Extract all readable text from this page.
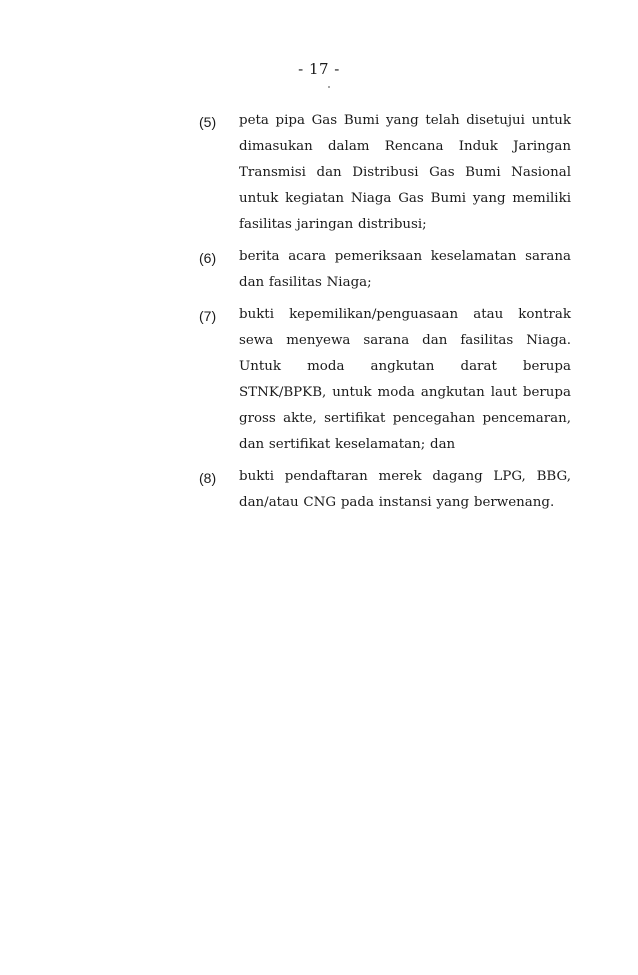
- 17 -
(5)	peta pipa Gas Bumi yang telah disetujui untuk dimasukan dalam Rencana Induk Jaringan Transmisi dan Distribusi Gas Bumi Nasional untuk kegiatan Niaga Gas Bumi yang memiliki fasilitas jaringan distribusi;
(6)	berita acara pemeriksaan keselamatan sarana dan fasilitas Niaga;
(7)	bukti kepemilikan/penguasaan atau kontrak sewa menyewa sarana dan fasilitas Niaga. Untuk moda angkutan darat berupa STNK/BPKB, untuk moda angkutan laut berupa gross akte, sertifikat pencegahan pencemaran, dan sertifikat keselamatan; dan
(8)	bukti pendaftaran merek dagang LPG, BBG, dan/atau CNG pada instansi yang berwenang.
